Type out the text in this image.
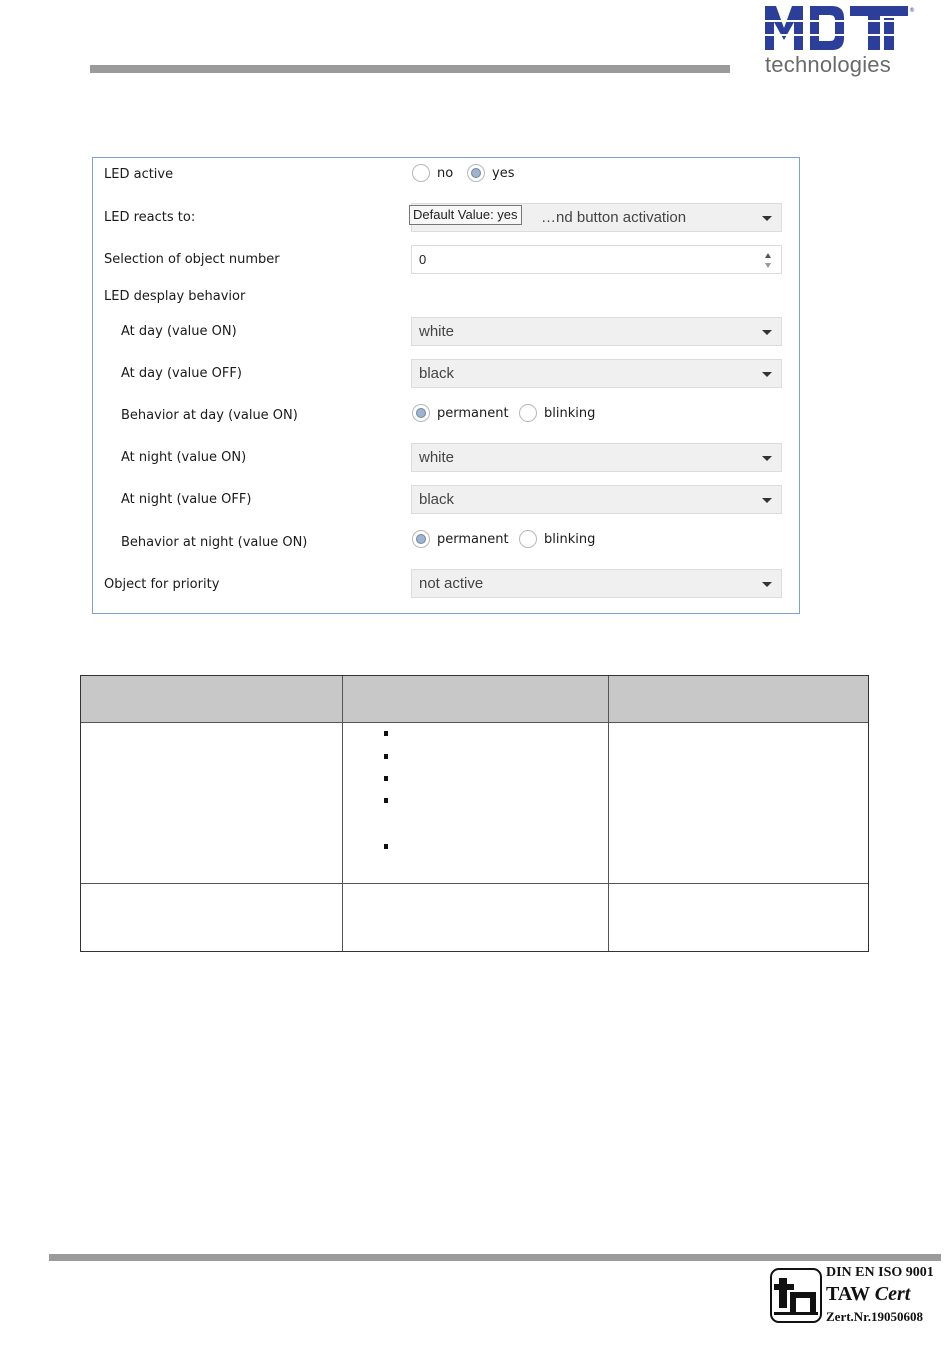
®
technologies
LED active	no	yes
LED reacts to:	…nd button activation
Default Value: yes
Selection of object number	0
LED desplay behavior
At day (value ON)	white
At day (value OFF)	black
Behavior at day (value ON)	permanent	blinking
At night (value ON)	white
At night (value OFF)	black
Behavior at night (value ON)	permanent	blinking
Object for priority	not active
DIN EN ISO 9001
TAW Cert
Zert.Nr.19050608
